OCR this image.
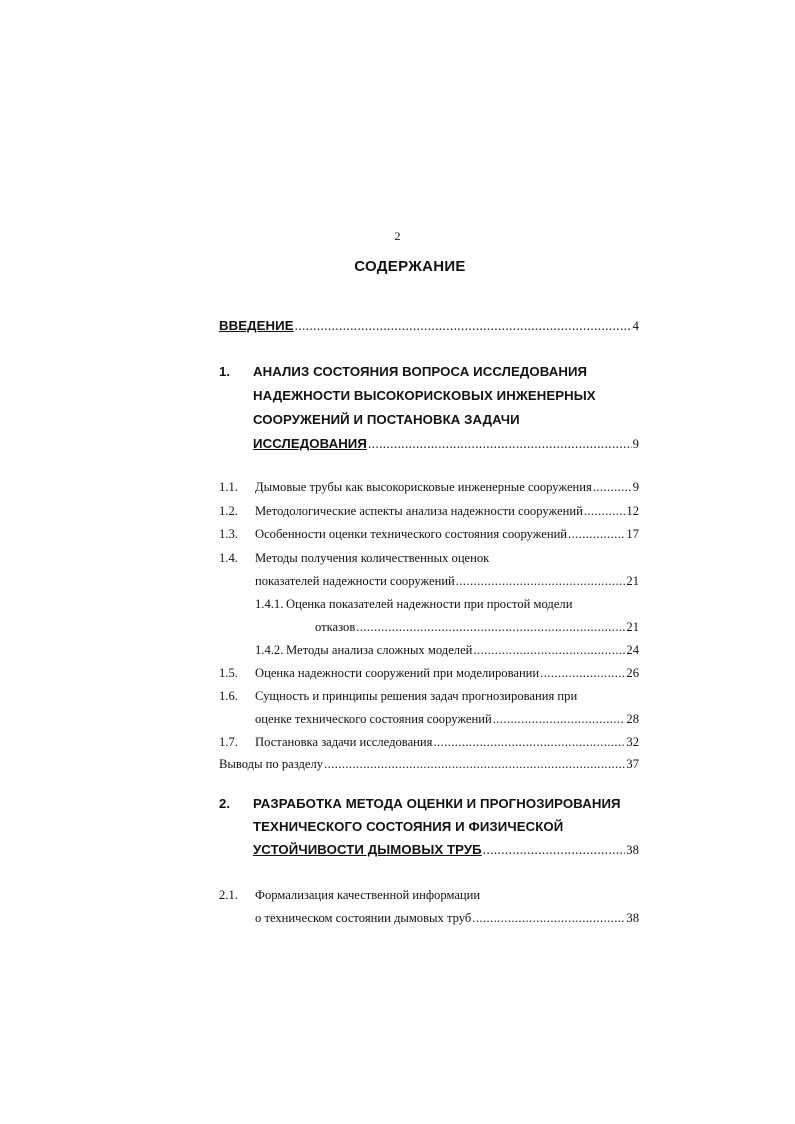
2
СОДЕРЖАНИЕ
ВВЕДЕНИЕ .....	4
1. АНАЛИЗ СОСТОЯНИЯ ВОПРОСА ИССЛЕДОВАНИЯ
НАДЕЖНОСТИ ВЫСОКОРИСКОВЫХ ИНЖЕНЕРНЫХ
СООРУЖЕНИЙ И ПОСТАНОВКА ЗАДАЧИ
ИССЛЕДОВАНИЯ .....	9
1.1.	Дымовые трубы как высокорисковые инженерные сооружения .....	9
1.2.	Методологические аспекты анализа надежности сооружений .....	12
1.3.	Особенности оценки технического состояния сооружений .....	17
1.4. Методы получения количественных оценок
показателей надежности сооружений .....	21
1.4.1. Оценка показателей надежности при простой модели
отказов .....	21
1.4.2. Методы анализа сложных моделей .....	24
1.5.	Оценка надежности сооружений при моделировании .....	26
1.6. Сущность и принципы решения задач прогнозирования при
оценке технического состояния сооружений .....	28
1.7.	Постановка задачи исследования .....	32
Выводы по разделу .....	37
2. РАЗРАБОТКА МЕТОДА ОЦЕНКИ И ПРОГНОЗИРОВАНИЯ
ТЕХНИЧЕСКОГО СОСТОЯНИЯ И ФИЗИЧЕСКОЙ
УСТОЙЧИВОСТИ ДЫМОВЫХ ТРУБ .....	38
2.1. Формализация качественной информации
о техническом состоянии дымовых труб .....	38
